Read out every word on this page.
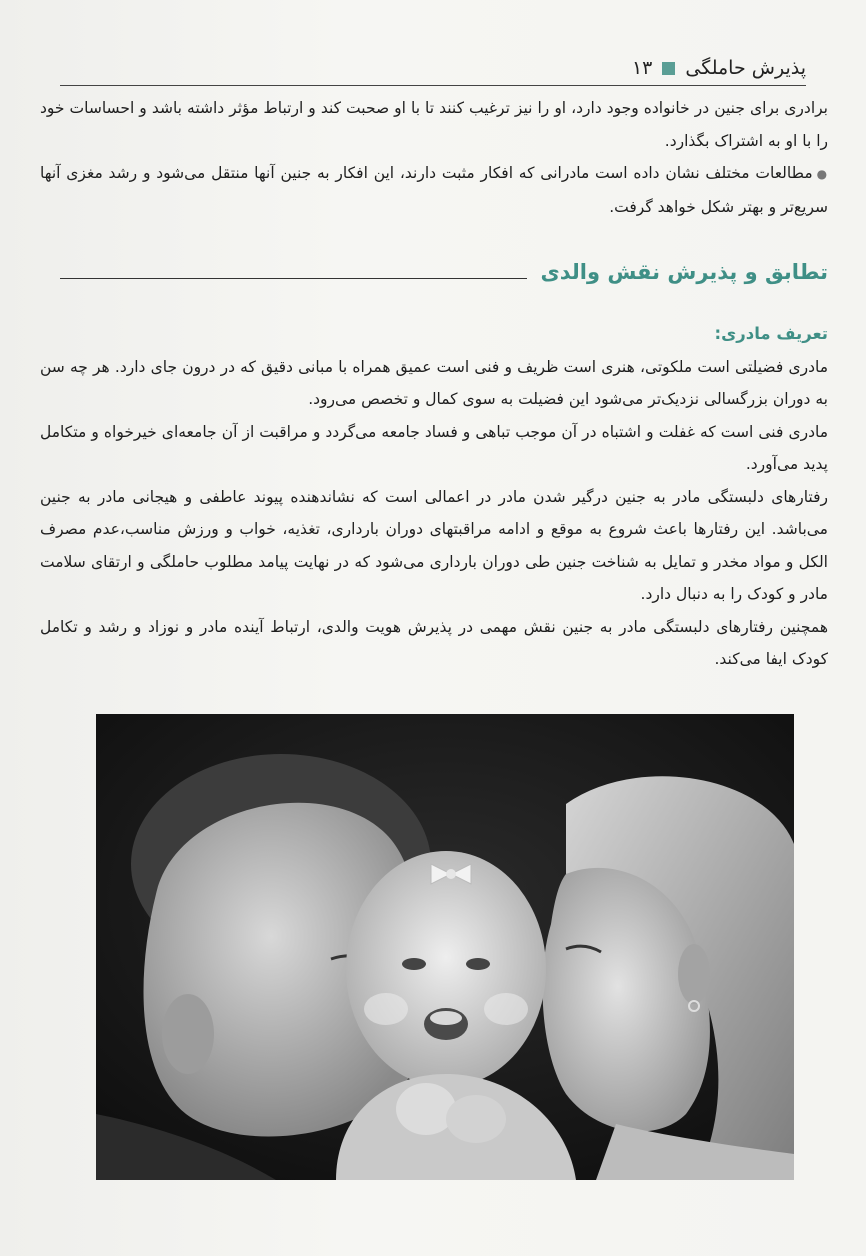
پذیرش حاملگی
۱۳

برادری برای جنین در خانواده وجود دارد، او را نیز ترغیب کنند تا با او صحبت کند و ارتباط مؤثر داشته باشد و احساسات خود را با او به اشتراک بگذارد.

● مطالعات مختلف نشان داده است مادرانی که افکار مثبت دارند، این افکار به جنین آنها منتقل می‌شود و رشد مغزی آنها سریع‌تر و بهتر شکل خواهد گرفت.

تطابق و پذیرش نقش والدی

تعریف مادری:

مادری فضیلتی است ملکوتی، هنری است ظریف و فنی است عمیق همراه با مبانی دقیق که در درون جای دارد. هر چه سن به دوران بزرگسالی نزدیک‌تر می‌شود این فضیلت به سوی کمال و تخصص می‌رود.

مادری فنی است که غفلت و اشتباه در آن موجب تباهی و فساد جامعه می‌گردد و مراقبت از آن جامعه‌ای خیرخواه و متکامل پدید می‌آورد.

رفتارهای دلبستگی مادر به جنین درگیر شدن مادر در اعمالی است که نشاندهنده پیوند عاطفی و هیجانی مادر به جنین می‌باشد. این رفتارها باعث شروع به موقع و ادامه مراقبتهای دوران بارداری، تغذیه، خواب و ورزش مناسب،عدم مصرف الکل و مواد مخدر و تمایل به شناخت جنین طی دوران بارداری می‌شود که در نهایت پیامد مطلوب حاملگی و ارتقای سلامت مادر و کودک را به دنبال دارد.

همچنین رفتارهای دلبستگی مادر به جنین نقش مهمی در پذیرش هویت والدی، ارتباط آینده مادر و نوزاد و رشد و تکامل کودک ایفا می‌کند.
